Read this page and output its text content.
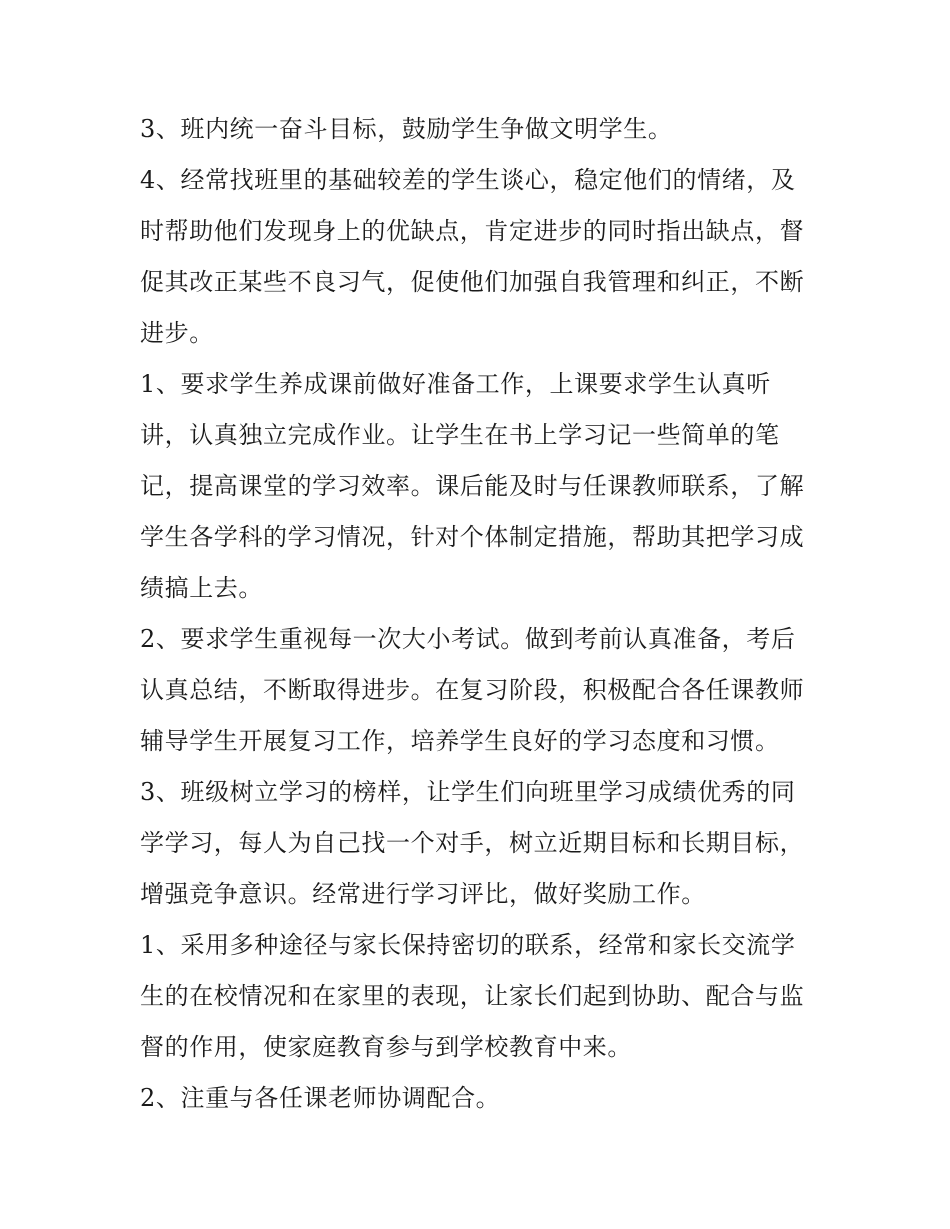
3、班内统一奋斗目标，鼓励学生争做文明学生。

4、经常找班里的基础较差的学生谈心，稳定他们的情绪，及

时帮助他们发现身上的优缺点，肯定进步的同时指出缺点，督

促其改正某些不良习气，促使他们加强自我管理和纠正，不断

进步。

1、要求学生养成课前做好准备工作，上课要求学生认真听

讲，认真独立完成作业。让学生在书上学习记一些简单的笔

记，提高课堂的学习效率。课后能及时与任课教师联系，了解

学生各学科的学习情况，针对个体制定措施，帮助其把学习成

绩搞上去。

2、要求学生重视每一次大小考试。做到考前认真准备，考后

认真总结，不断取得进步。在复习阶段，积极配合各任课教师

辅导学生开展复习工作，培养学生良好的学习态度和习惯。

3、班级树立学习的榜样，让学生们向班里学习成绩优秀的同

学学习，每人为自己找一个对手，树立近期目标和长期目标，

增强竞争意识。经常进行学习评比，做好奖励工作。

1、采用多种途径与家长保持密切的联系，经常和家长交流学

生的在校情况和在家里的表现，让家长们起到协助、配合与监

督的作用，使家庭教育参与到学校教育中来。

2、注重与各任课老师协调配合。
